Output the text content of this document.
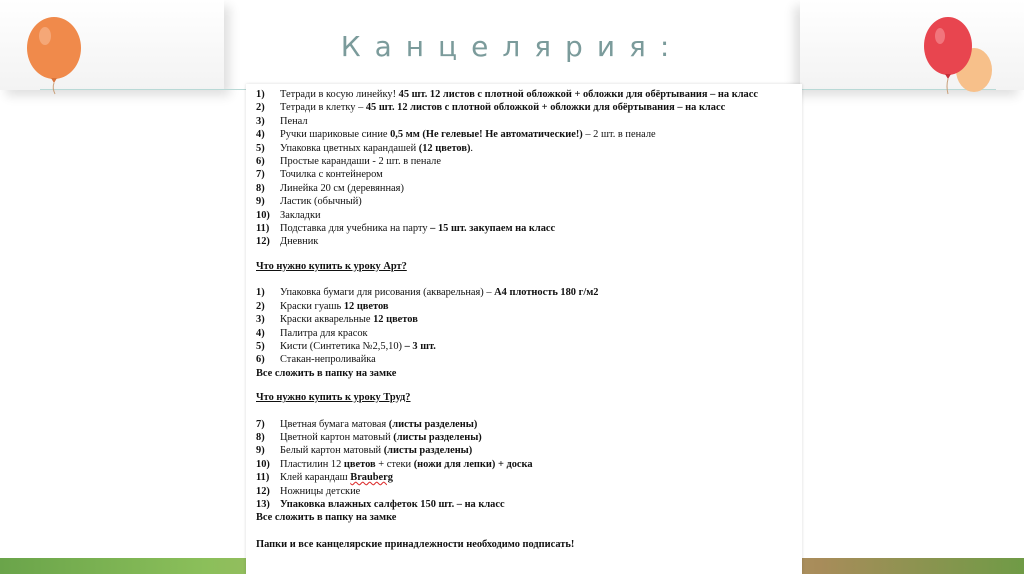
Канцелярия:
1)	Тетради в косую линейку! 45 шт. 12 листов с плотной обложкой + обложки для обёртывания – на класс
2)	Тетради в клетку – 45 шт. 12 листов с плотной обложкой + обложки для обёртывания – на класс
3)	Пенал
4)	Ручки шариковые синие 0,5 мм (Не гелевые! Не автоматические!) – 2 шт. в пенале
5)	Упаковка цветных карандашей (12 цветов).
6)	Простые карандаши - 2 шт. в пенале
7)	Точилка с контейнером
8)	Линейка 20 см (деревянная)
9)	Ластик (обычный)
10) Закладки
11)	Подставка для учебника на парту – 15 шт. закупаем на класс
12) Дневник
Что нужно купить к уроку Арт?
1)	Упаковка бумаги для рисования (акварельная) – А4 плотность 180 г/м2
2)	Краски гуашь 12 цветов
3)	Краски акварельные 12 цветов
4)	Палитра для красок
5)	Кисти (Синтетика №2,5,10) – 3 шт.
6)	Стакан-непроливайка
Все сложить в папку на замке
Что нужно купить к уроку Труд?
7)	Цветная бумага матовая (листы разделены)
8)	Цветной картон матовый (листы разделены)
9)	Белый картон матовый (листы разделены)
10) Пластилин 12 цветов + стеки (ножи для лепки) + доска
11)	Клей карандаш Brauberg
12) Ножницы детские
13) Упаковка влажных салфеток 150 шт. – на класс
Все сложить в папку на замке
Папки и все канцелярские принадлежности необходимо подписать!
